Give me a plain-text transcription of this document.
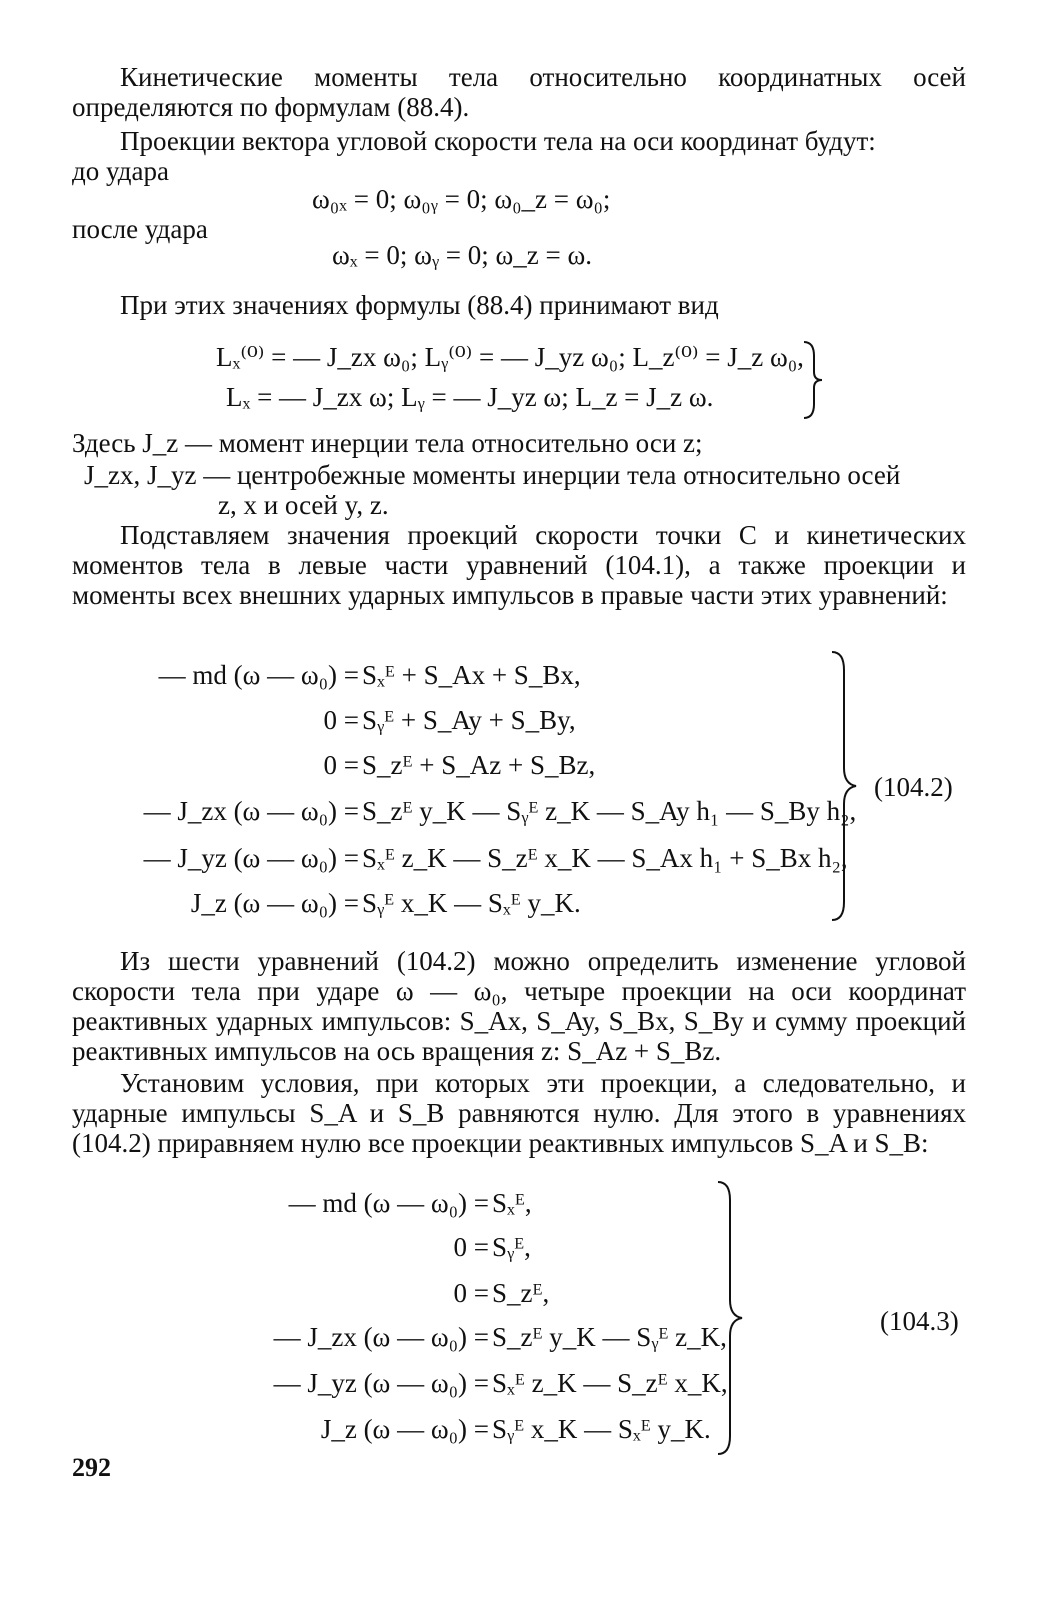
Кинетические моменты тела относительно координатных осей определяются по формулам (88.4).

Проекции вектора угловой скорости тела на оси координат будут:

до удара
ω₀ₓ = 0; ω₀ᵧ = 0; ω₀_z = ω₀;
после удара
ωₓ = 0; ωᵧ = 0; ω_z = ω.

При этих значениях формулы (88.4) принимают вид

Lₓ⁽⁰⁾ = — J_zx ω₀; Lᵧ⁽⁰⁾ = — J_yz ω₀; L_z⁽⁰⁾ = J_z ω₀,
Lₓ = — J_zx ω; Lᵧ = — J_yz ω; L_z = J_z ω.
Здесь J_z — момент инерции тела относительно оси z;
J_zx, J_yz — центробежные моменты инерции тела относительно осей
z, x и осей y, z.

Подставляем значения проекций скорости точки C и кинетических моментов тела в левые части уравнений (104.1), а также проекции и моменты всех внешних ударных импульсов в правые части этих уравнений:

— md (ω — ω₀) = Sₓᴱ + S_Ax + S_Bx,
0 = Sᵧᴱ + S_Ay + S_By,
0 = S_zᴱ + S_Az + S_Bz,
— J_zx (ω — ω₀) = S_zᴱ y_K — Sᵧᴱ z_K — S_Ay h₁ — S_By h₂,
— J_yz (ω — ω₀) = Sₓᴱ z_K — S_zᴱ x_K — S_Ax h₁ + S_Bx h₂,
J_z (ω — ω₀) = Sᵧᴱ x_K — Sₓᴱ y_K.
(104.2)

Из шести уравнений (104.2) можно определить изменение угловой скорости тела при ударе ω — ω₀, четыре проекции на оси координат реактивных ударных импульсов: S_Ax, S_Ay, S_Bx, S_By и сумму проекций реактивных импульсов на ось вращения z: S_Az + S_Bz.

Установим условия, при которых эти проекции, а следовательно, и ударные импульсы S_A и S_B равняются нулю. Для этого в уравнениях (104.2) приравняем нулю все проекции реактивных импульсов S_A и S_B:

— md (ω — ω₀) = Sₓᴱ,
0 = Sᵧᴱ,
0 = S_zᴱ,
— J_zx (ω — ω₀) = S_zᴱ y_K — Sᵧᴱ z_K,
— J_yz (ω — ω₀) = Sₓᴱ z_K — S_zᴱ x_K,
J_z (ω — ω₀) = Sᵧᴱ x_K — Sₓᴱ y_K.
(104.3)
292
